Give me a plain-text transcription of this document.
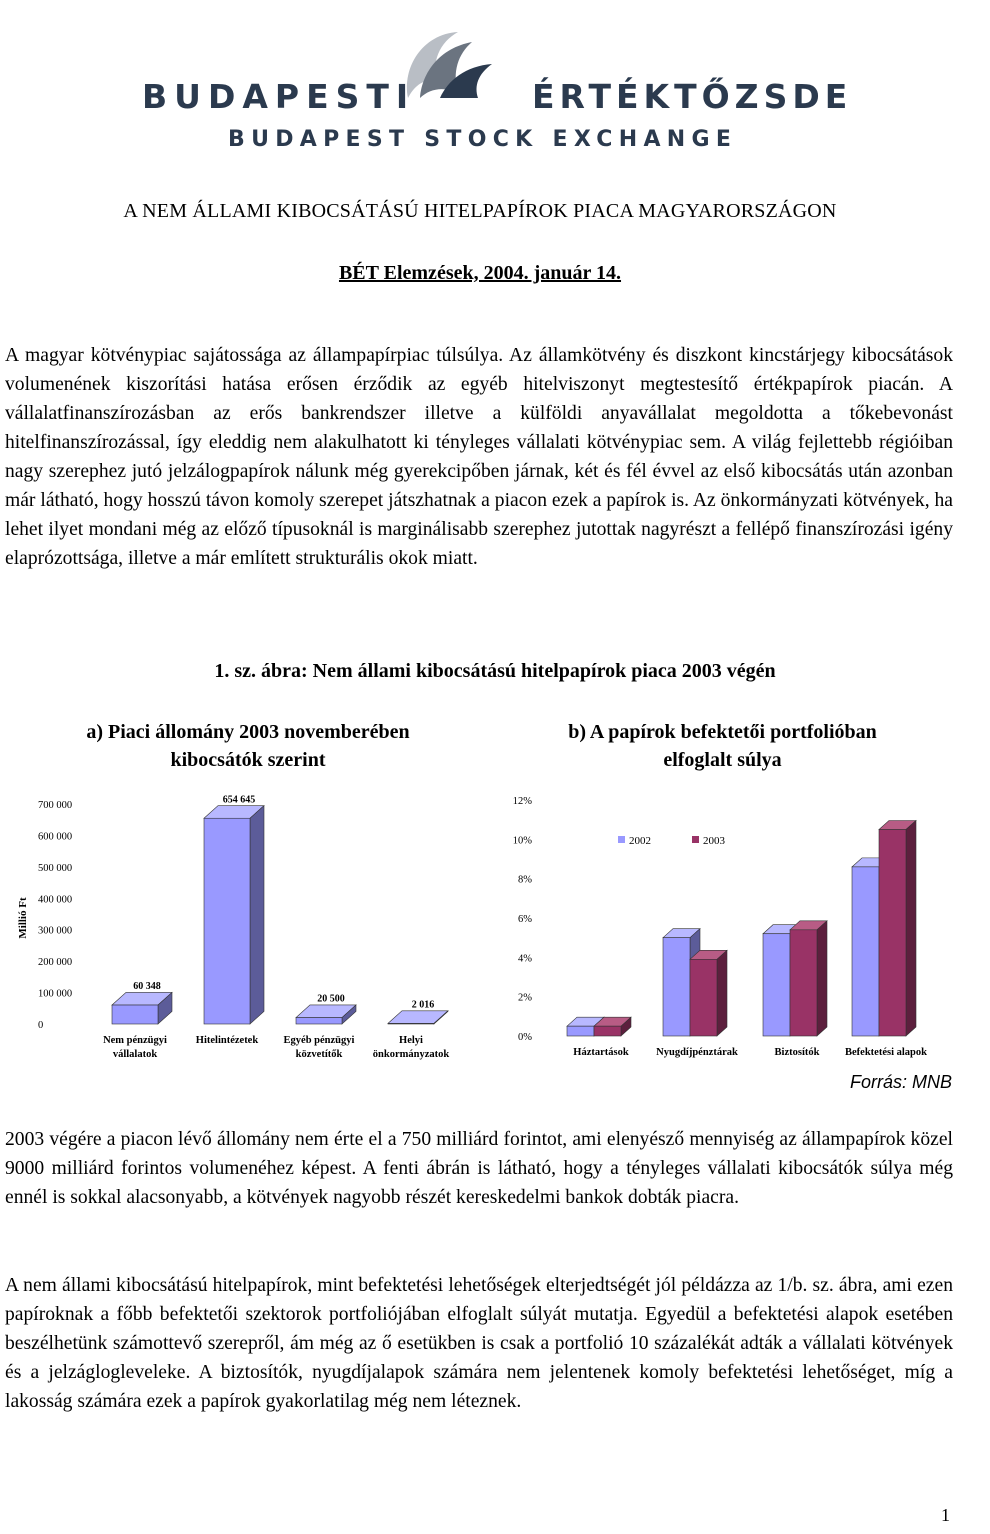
BUDAPESTI	ÉRTÉKTŐZSDE
BUDAPEST STOCK EXCHANGE
A NEM ÁLLAMI KIBOCSÁTÁSÚ HITELPAPÍROK PIACA MAGYARORSZÁGON
BÉT Elemzések, 2004. január 14.

A magyar kötvénypiac sajátossága az állampapírpiac túlsúlya. Az államkötvény és diszkont kincstárjegy kibocsátások volumenének kiszorítási hatása erősen érződik az egyéb hitelviszonyt megtestesítő értékpapírok piacán. A vállalatfinanszírozásban az erős bankrendszer illetve a külföldi anyavállalat megoldotta a tőkebevonást hitelfinanszírozással, így eleddig nem alakulhatott ki tényleges vállalati kötvénypiac sem. A világ fejlettebb régióiban nagy szerephez jutó jelzálogpapírok nálunk még gyerekcipőben járnak, két és fél évvel az első kibocsátás után azonban már látható, hogy hosszú távon komoly szerepet játszhatnak a piacon ezek a papírok is. Az önkormányzati kötvények, ha lehet ilyet mondani még az előző típusoknál is marginálisabb szerephez jutottak nagyrészt a fellépő finanszírozási igény elaprózottsága, illetve a már említett strukturális okok miatt.

1. sz. ábra: Nem állami kibocsátású hitelpapírok piaca 2003 végén
a) Piaci állomány 2003 novemberében
kibocsátók szerint
b) A papírok befektetői portfolióban
elfoglalt súlya
Millió Ft
0
100 000
200 000
300 000
400 000
500 000
600 000
700 000
60 348
Nem pénzügyi
vállalatok
654 645
Hitelintézetek
20 500
Egyéb pénzügyi
közvetítők
2 016
Helyi
önkormányzatok
0%
2%
4%
6%
8%
10%
12%
Háztartások	Nyugdíjpénztárak	Biztosítók Befektetési alapok
2002	2003
Forrás: MNB

2003 végére a piacon lévő állomány nem érte el a 750 milliárd forintot, ami elenyésző mennyiség az állampapírok közel 9000 milliárd forintos volumenéhez képest. A fenti ábrán is látható, hogy a tényleges vállalati kibocsátók súlya még ennél is sokkal alacsonyabb, a kötvények nagyobb részét kereskedelmi bankok dobták piacra.

A nem állami kibocsátású hitelpapírok, mint befektetési lehetőségek elterjedtségét jól példázza az 1/b. sz. ábra, ami ezen papíroknak a főbb befektetői szektorok portfoliójában elfoglalt súlyát mutatja. Egyedül a befektetési alapok esetében beszélhetünk számottevő szerepről, ám még az ő esetükben is csak a portfolió 10 százalékát adták a vállalati kötvények és a jelzáglogleveleke. A biztosítók, nyugdíjalapok számára nem jelentenek komoly befektetési lehetőséget, míg a lakosság számára ezek a papírok gyakorlatilag még nem léteznek.

1
